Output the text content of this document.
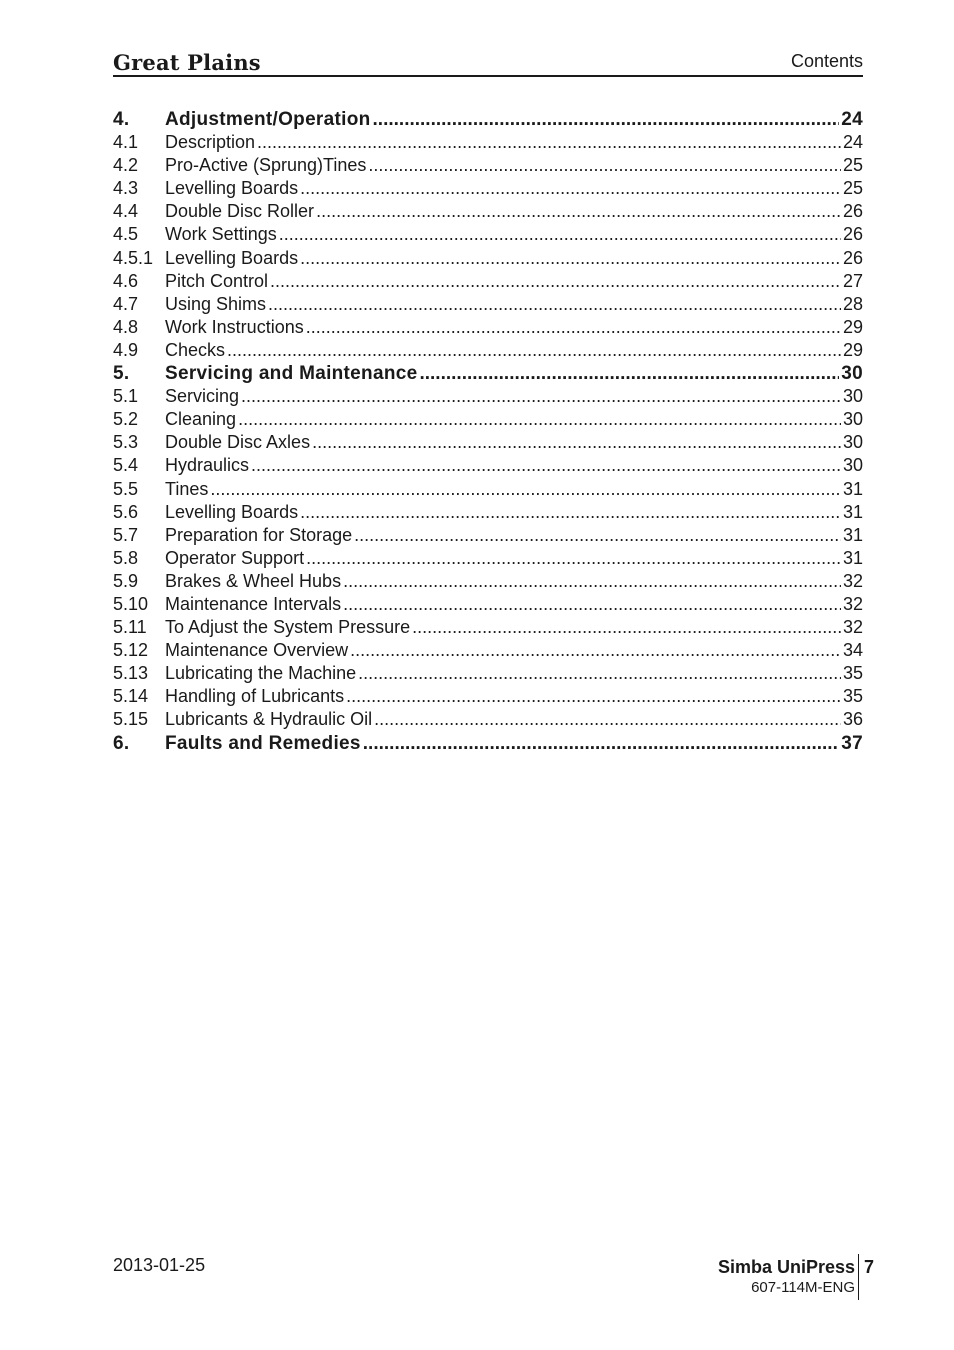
Great Plains	Contents
4.	Adjustment/Operation .....	24
4.1	Description .....	24
4.2	Pro-Active (Sprung)Tines .....	25
4.3	Levelling Boards .....	25
4.4	Double Disc Roller .....	26
4.5	Work Settings .....	26
4.5.1 Levelling Boards .....	26
4.6	Pitch Control .....	27
4.7	Using Shims .....	28
4.8	Work Instructions .....	29
4.9	Checks .....	29
5.	Servicing and Maintenance .....	30
5.1	Servicing .....	30
5.2	Cleaning .....	30
5.3	Double Disc Axles .....	30
5.4	Hydraulics .....	30
5.5	Tines .....	31
5.6	Levelling Boards .....	31
5.7	Preparation for Storage .....	31
5.8	Operator Support .....	31
5.9	Brakes & Wheel Hubs .....	32
5.10 Maintenance Intervals .....	32
5.11	To Adjust the System Pressure .....	32
5.12 Maintenance Overview .....	34
5.13 Lubricating the Machine .....	35
5.14 Handling of Lubricants .....	35
5.15 Lubricants & Hydraulic Oil .....	36
6.	Faults and Remedies .....	37
2013-01-25	Simba UniPress
607-114M-ENG
7
